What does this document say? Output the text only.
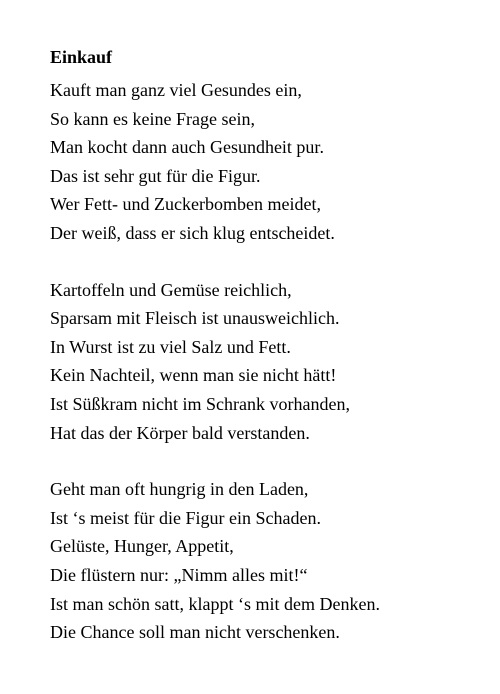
Einkauf
Kauft man ganz viel Gesundes ein,
So kann es keine Frage sein,
Man kocht dann auch Gesundheit pur.
Das ist sehr gut für die Figur.
Wer Fett- und Zuckerbomben meidet,
Der weiß, dass er sich klug entscheidet.
Kartoffeln und Gemüse reichlich,
Sparsam mit Fleisch ist unausweichlich.
In Wurst ist zu viel Salz und Fett.
Kein Nachteil, wenn man sie nicht hätt!
Ist Süßkram nicht im Schrank vorhanden,
Hat das der Körper bald verstanden.
Geht man oft hungrig in den Laden,
Ist ‘s meist für die Figur ein Schaden.
Gelüste, Hunger, Appetit,
Die flüstern nur: „Nimm alles mit!“
Ist man schön satt, klappt ‘s mit dem Denken.
Die Chance soll man nicht verschenken.
